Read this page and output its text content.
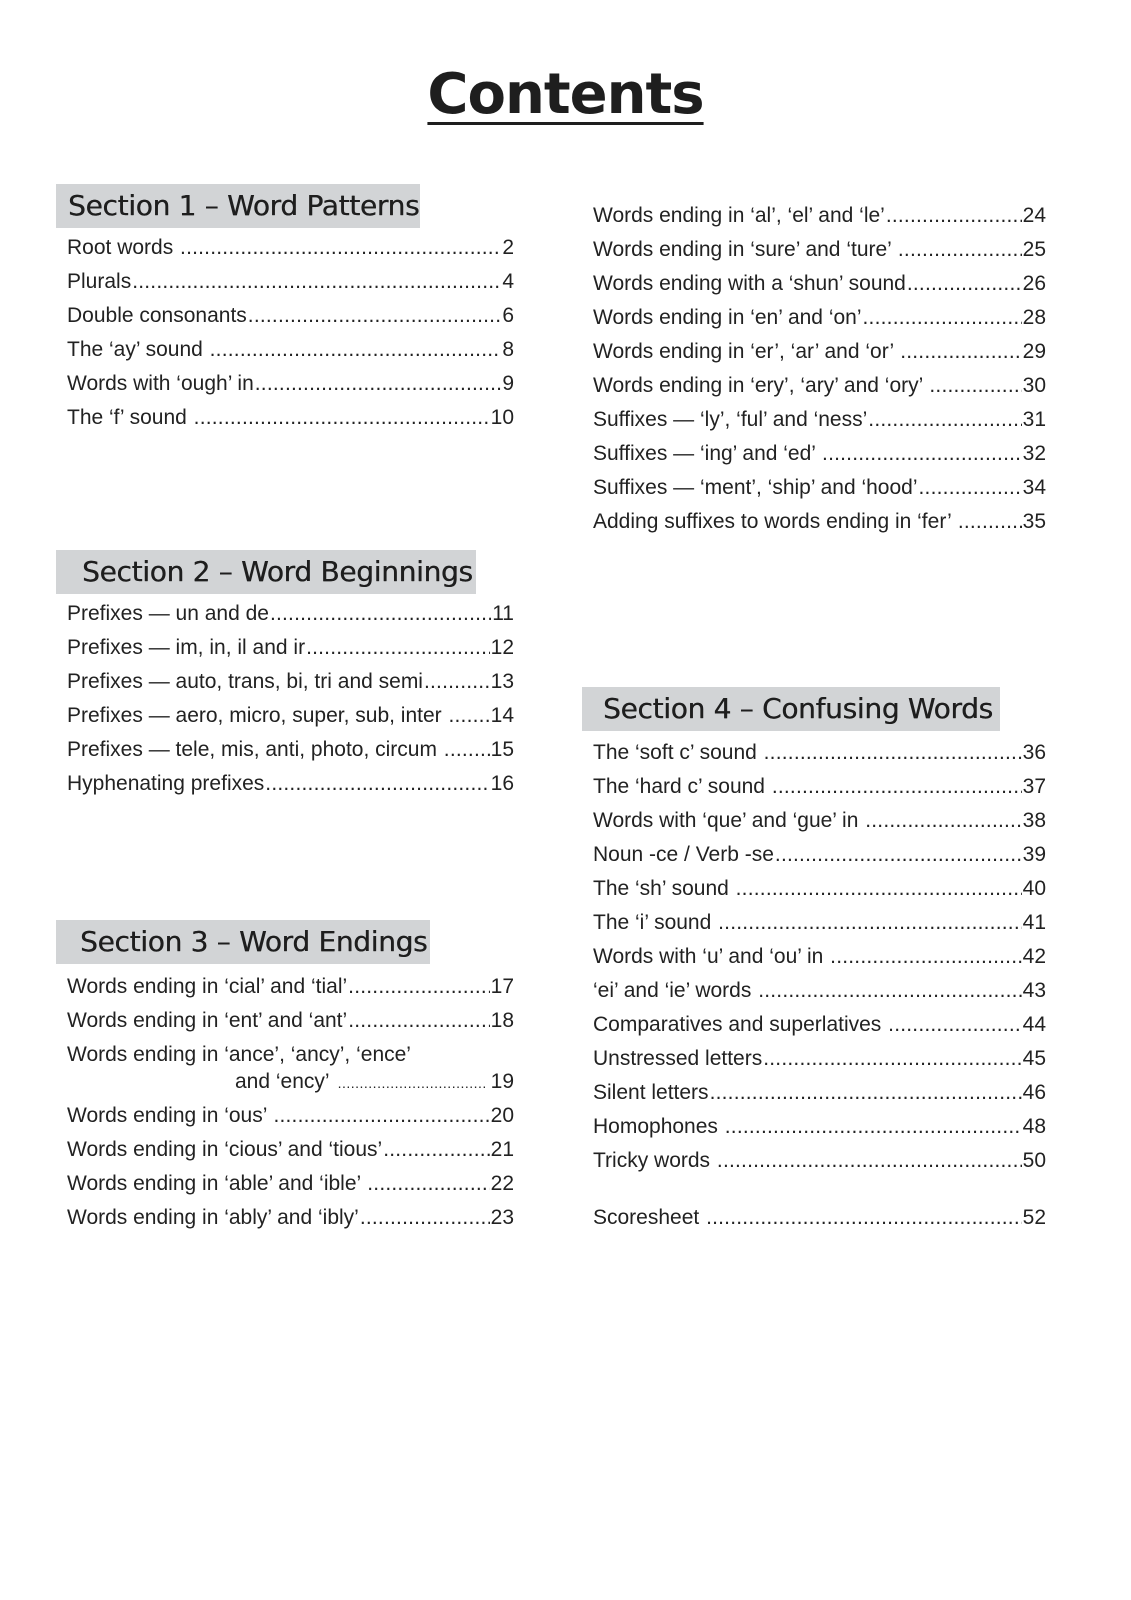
Contents
Section 1 – Word Patterns
Root words .....	2
Plurals .....	4
Double consonants .....	6
The ‘ay’ sound .....	8
Words with ‘ough’ in .....	9
The ‘f’ sound .....	10
Section 2 – Word Beginnings
Prefixes — un and de .....	11
Prefixes — im, in, il and ir .....	12
Prefixes — auto, trans, bi, tri and semi .....	13
Prefixes — aero, micro, super, sub, inter ..... 14
Prefixes — tele, mis, anti, photo, circum ..... 15
Hyphenating prefixes .....	16
Section 3 – Word Endings
Words ending in ‘cial’ and ‘tial’ .....	17
Words ending in ‘ent’ and ‘ant’ .....	18
Words ending in ‘ance’, ‘ancy’, ‘ence’
and ‘ency’ .....	19
Words ending in ‘ous’ .....	20
Words ending in ‘cious’ and ‘tious’ .....	21
Words ending in ‘able’ and ‘ible’ .....	22
Words ending in ‘ably’ and ‘ibly’ .....	23
Words ending in ‘al’, ‘el’ and ‘le’ .....	24
Words ending in ‘sure’ and ‘ture’ .....	25
Words ending with a ‘shun’ sound .....	26
Words ending in ‘en’ and ‘on’ .....	28
Words ending in ‘er’, ‘ar’ and ‘or’ .....	29
Words ending in ‘ery’, ‘ary’ and ‘ory’ .....	30
Suffixes — ‘ly’, ‘ful’ and ‘ness’ .....	31
Suffixes — ‘ing’ and ‘ed’ .....	32
Suffixes — ‘ment’, ‘ship’ and ‘hood’ .....	34
Adding suffixes to words ending in ‘fer’ .....	35
Section 4 – Confusing Words
The ‘soft c’ sound .....	36
The ‘hard c’ sound .....	37
Words with ‘que’ and ‘gue’ in .....	38
Noun -ce / Verb -se .....	39
The ‘sh’ sound .....	40
The ‘i’ sound .....	41
Words with ‘u’ and ‘ou’ in .....	42
‘ei’ and ‘ie’ words .....	43
Comparatives and superlatives .....	44
Unstressed letters .....	45
Silent letters .....	46
Homophones .....	48
Tricky words .....	50
Scoresheet .....	52
